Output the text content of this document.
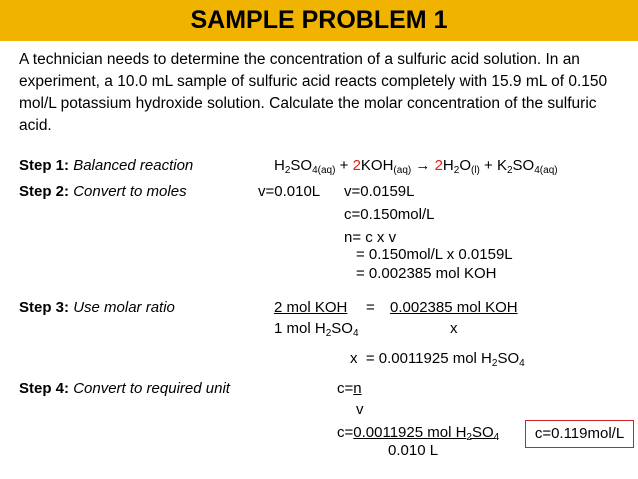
SAMPLE PROBLEM 1
A technician needs to determine the concentration of a sulfuric acid solution. In an experiment, a 10.0 mL sample of sulfuric acid reacts completely with 15.9 mL of 0.150 mol/L potassium hydroxide solution. Calculate the molar concentration of the sulfuric acid.
Step 1: Balanced reaction	$H_2SO_{4(aq)} + 2KOH_{(aq)} \to 2H_2O_{(l)} + K_2SO_{4(aq)}$
Step 2: Convert to moles	v=0.010L v=0.0159L
c=0.150mol/L
n= c x v
= 0.150mol/L x 0.0159L
= 0.002385 mol KOH
Step 3: Use molar ratio	2 mol KOH = 0.002385 mol KOH
1 mol $H_2SO_4$	x
x  = 0.0011925 mol $H_2SO_4$
Step 4: Convert to required unit	c=n
v
c=0.0011925 mol $H_2SO_4$
0.010 L
c=0.119mol/L
